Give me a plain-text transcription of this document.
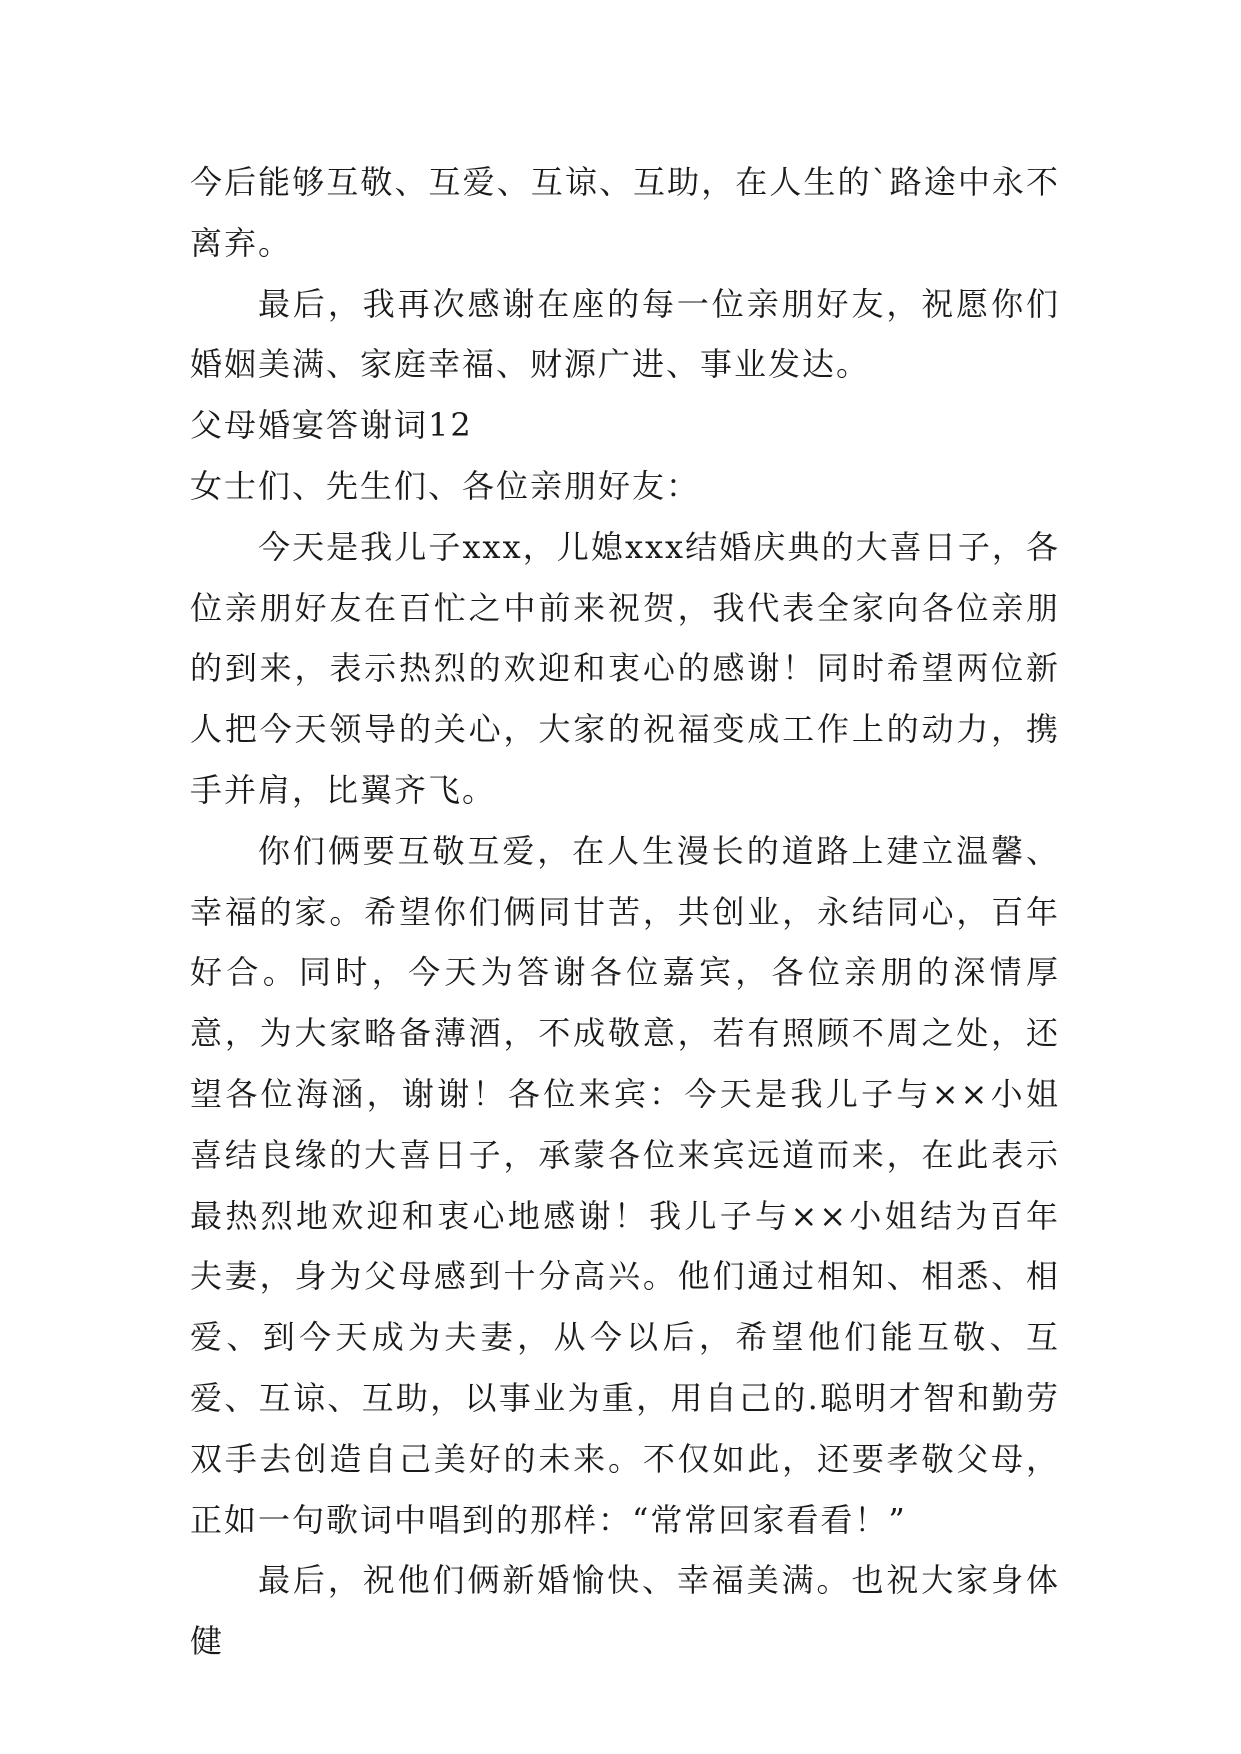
今后能够互敬、互爱、互谅、互助，在人生的`路途中永不离弃。

最后，我再次感谢在座的每一位亲朋好友，祝愿你们婚姻美满、家庭幸福、财源广进、事业发达。

父母婚宴答谢词12

女士们、先生们、各位亲朋好友：

今天是我儿子xxx，儿媳xxx结婚庆典的大喜日子，各位亲朋好友在百忙之中前来祝贺，我代表全家向各位亲朋的到来，表示热烈的欢迎和衷心的感谢！同时希望两位新人把今天领导的关心，大家的祝福变成工作上的动力，携手并肩，比翼齐飞。

你们俩要互敬互爱，在人生漫长的道路上建立温馨、幸福的家。希望你们俩同甘苦，共创业，永结同心，百年好合。同时，今天为答谢各位嘉宾，各位亲朋的深情厚意，为大家略备薄酒，不成敬意，若有照顾不周之处，还望各位海涵，谢谢！各位来宾：今天是我儿子与××小姐喜结良缘的大喜日子，承蒙各位来宾远道而来，在此表示最热烈地欢迎和衷心地感谢！我儿子与××小姐结为百年夫妻，身为父母感到十分高兴。他们通过相知、相悉、相爱、到今天成为夫妻，从今以后，希望他们能互敬、互爱、互谅、互助，以事业为重，用自己的.聪明才智和勤劳双手去创造自己美好的未来。不仅如此，还要孝敬父母，正如一句歌词中唱到的那样：“常常回家看看！”

最后，祝他们俩新婚愉快、幸福美满。也祝大家身体健
